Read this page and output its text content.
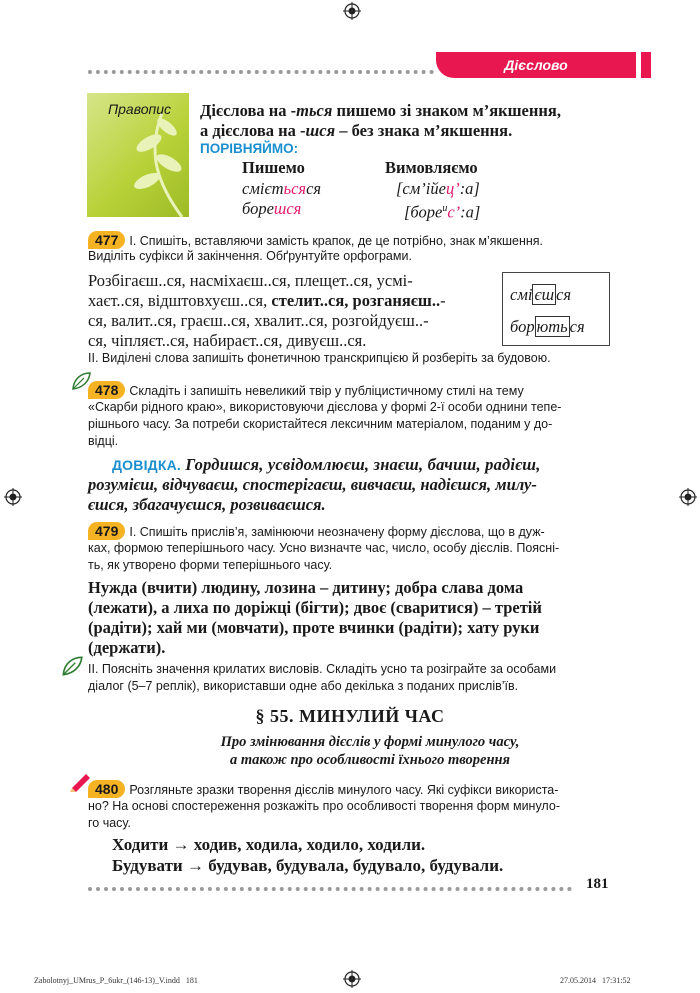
Дієслово
Правопис Дієслова на -ться пишемо зі знаком м’якшення,
а дієслова на -шся – без знака м’якшення.
ПОРІВНЯЙМО:
Пишемо	Вимовляємо
смієтьсяся	[см’ійец’:а]
борешся	[боре$^и$с’:а]
477 І. Спишіть, вставляючи замість крапок, де це потрібно, знак м’якшення.
Виділіть суфікси й закінчення. Обґрунтуйте орфограми.
Розбігаєш..ся, насміхаєш..ся, плещет..ся, усмі-
хаєт..ся, відштовхуєш..ся, стелит..ся, розганяєш..-
ся, валит..ся, граєш..ся, хвалит..ся, розгойдуєш..-
ся, чіпляєт..ся, набираєт..ся, дивуєш..ся.
смі єш ся
бор ють ся
ІІ. Виділені слова запишіть фонетичною транскрипцією й розберіть за будовою.
478 Складіть і запишіть невеликий твір у публіцистичному стилі на тему
«Скарби рідного краю», використовуючи дієслова у формі 2-ї особи однини тепе-
рішнього часу. За потреби скористайтеся лексичним матеріалом, поданим у до-
відці.
ДОВІДКА. Гордишся, усвідомлюєш, знаєш, бачиш, радієш,
розумієш, відчуваєш, спостерігаєш, вивчаєш, надієшся, милу-
єшся, збагачуєшся, розвиваєшся.
479 І. Спишіть прислів’я, замінюючи неозначену форму дієслова, що в дуж-
ках, формою теперішнього часу. Усно визначте час, число, особу дієслів. Поясні-
ть, як утворено форми теперішнього часу.
Нужда (вчити) людину, лозина – дитину; добра слава дома
(лежати), а лиха по доріжці (бігти); двоє (сваритися) – третій
(радіти); хай ми (мовчати), проте вчинки (радіти); хату руки
(держати).
ІІ. Поясніть значення крилатих висловів. Складіть усно та розіграйте за особами
діалог (5–7 реплік), використавши одне або декілька з поданих прислів’їв.
§ 55. МИНУЛИЙ ЧАС
Про змінювання дієслів у формі минулого часу,
а також про особливості їхнього творення
480 Розгляньте зразки творення дієслів минулого часу. Які суфікси використа-
но? На основі спостереження розкажіть про особливості творення форм минуло-
го часу.
Ходити → ходив, ходила, ходило, ходили.
Будувати → будував, будувала, будувало, будували.
181
Zabolotnyj_UMrus_P_6ukr_(146-13)_V.indd   181	27.05.2014   17:31:52
